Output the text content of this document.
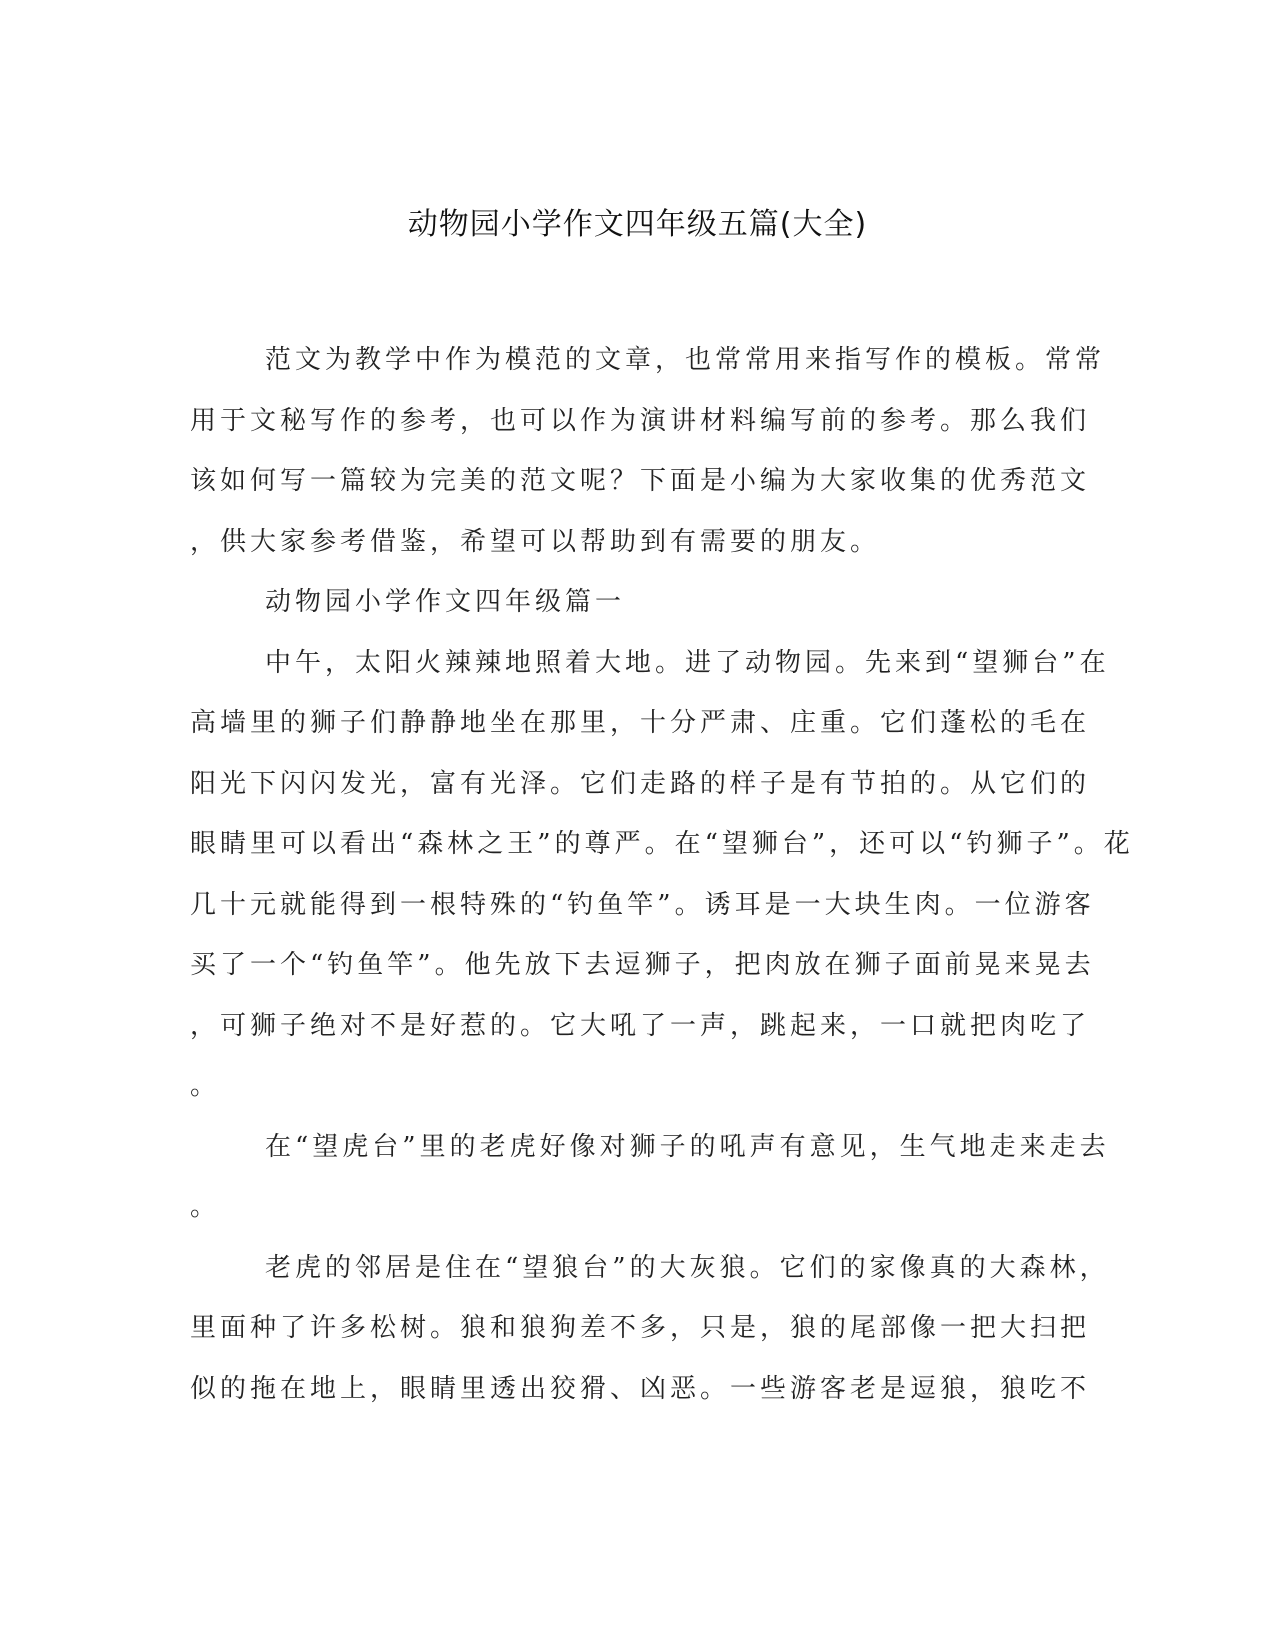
动物园小学作文四年级五篇(大全)
范文为教学中作为模范的文章，也常常用来指写作的模板。常常
用于文秘写作的参考，也可以作为演讲材料编写前的参考。那么我们
该如何写一篇较为完美的范文呢？下面是小编为大家收集的优秀范文
，供大家参考借鉴，希望可以帮助到有需要的朋友。
动物园小学作文四年级篇一
中午，太阳火辣辣地照着大地。进了动物园。先来到“望狮台”在
高墙里的狮子们静静地坐在那里，十分严肃、庄重。它们蓬松的毛在
阳光下闪闪发光，富有光泽。它们走路的样子是有节拍的。从它们的
眼睛里可以看出“森林之王”的尊严。在“望狮台”，还可以“钓狮子”。花
几十元就能得到一根特殊的“钓鱼竿”。诱耳是一大块生肉。一位游客
买了一个“钓鱼竿”。他先放下去逗狮子，把肉放在狮子面前晃来晃去
，可狮子绝对不是好惹的。它大吼了一声，跳起来，一口就把肉吃了
。
在“望虎台”里的老虎好像对狮子的吼声有意见，生气地走来走去
。
老虎的邻居是住在“望狼台”的大灰狼。它们的家像真的大森林，
里面种了许多松树。狼和狼狗差不多，只是，狼的尾部像一把大扫把
似的拖在地上，眼睛里透出狡猾、凶恶。一些游客老是逗狼，狼吃不
